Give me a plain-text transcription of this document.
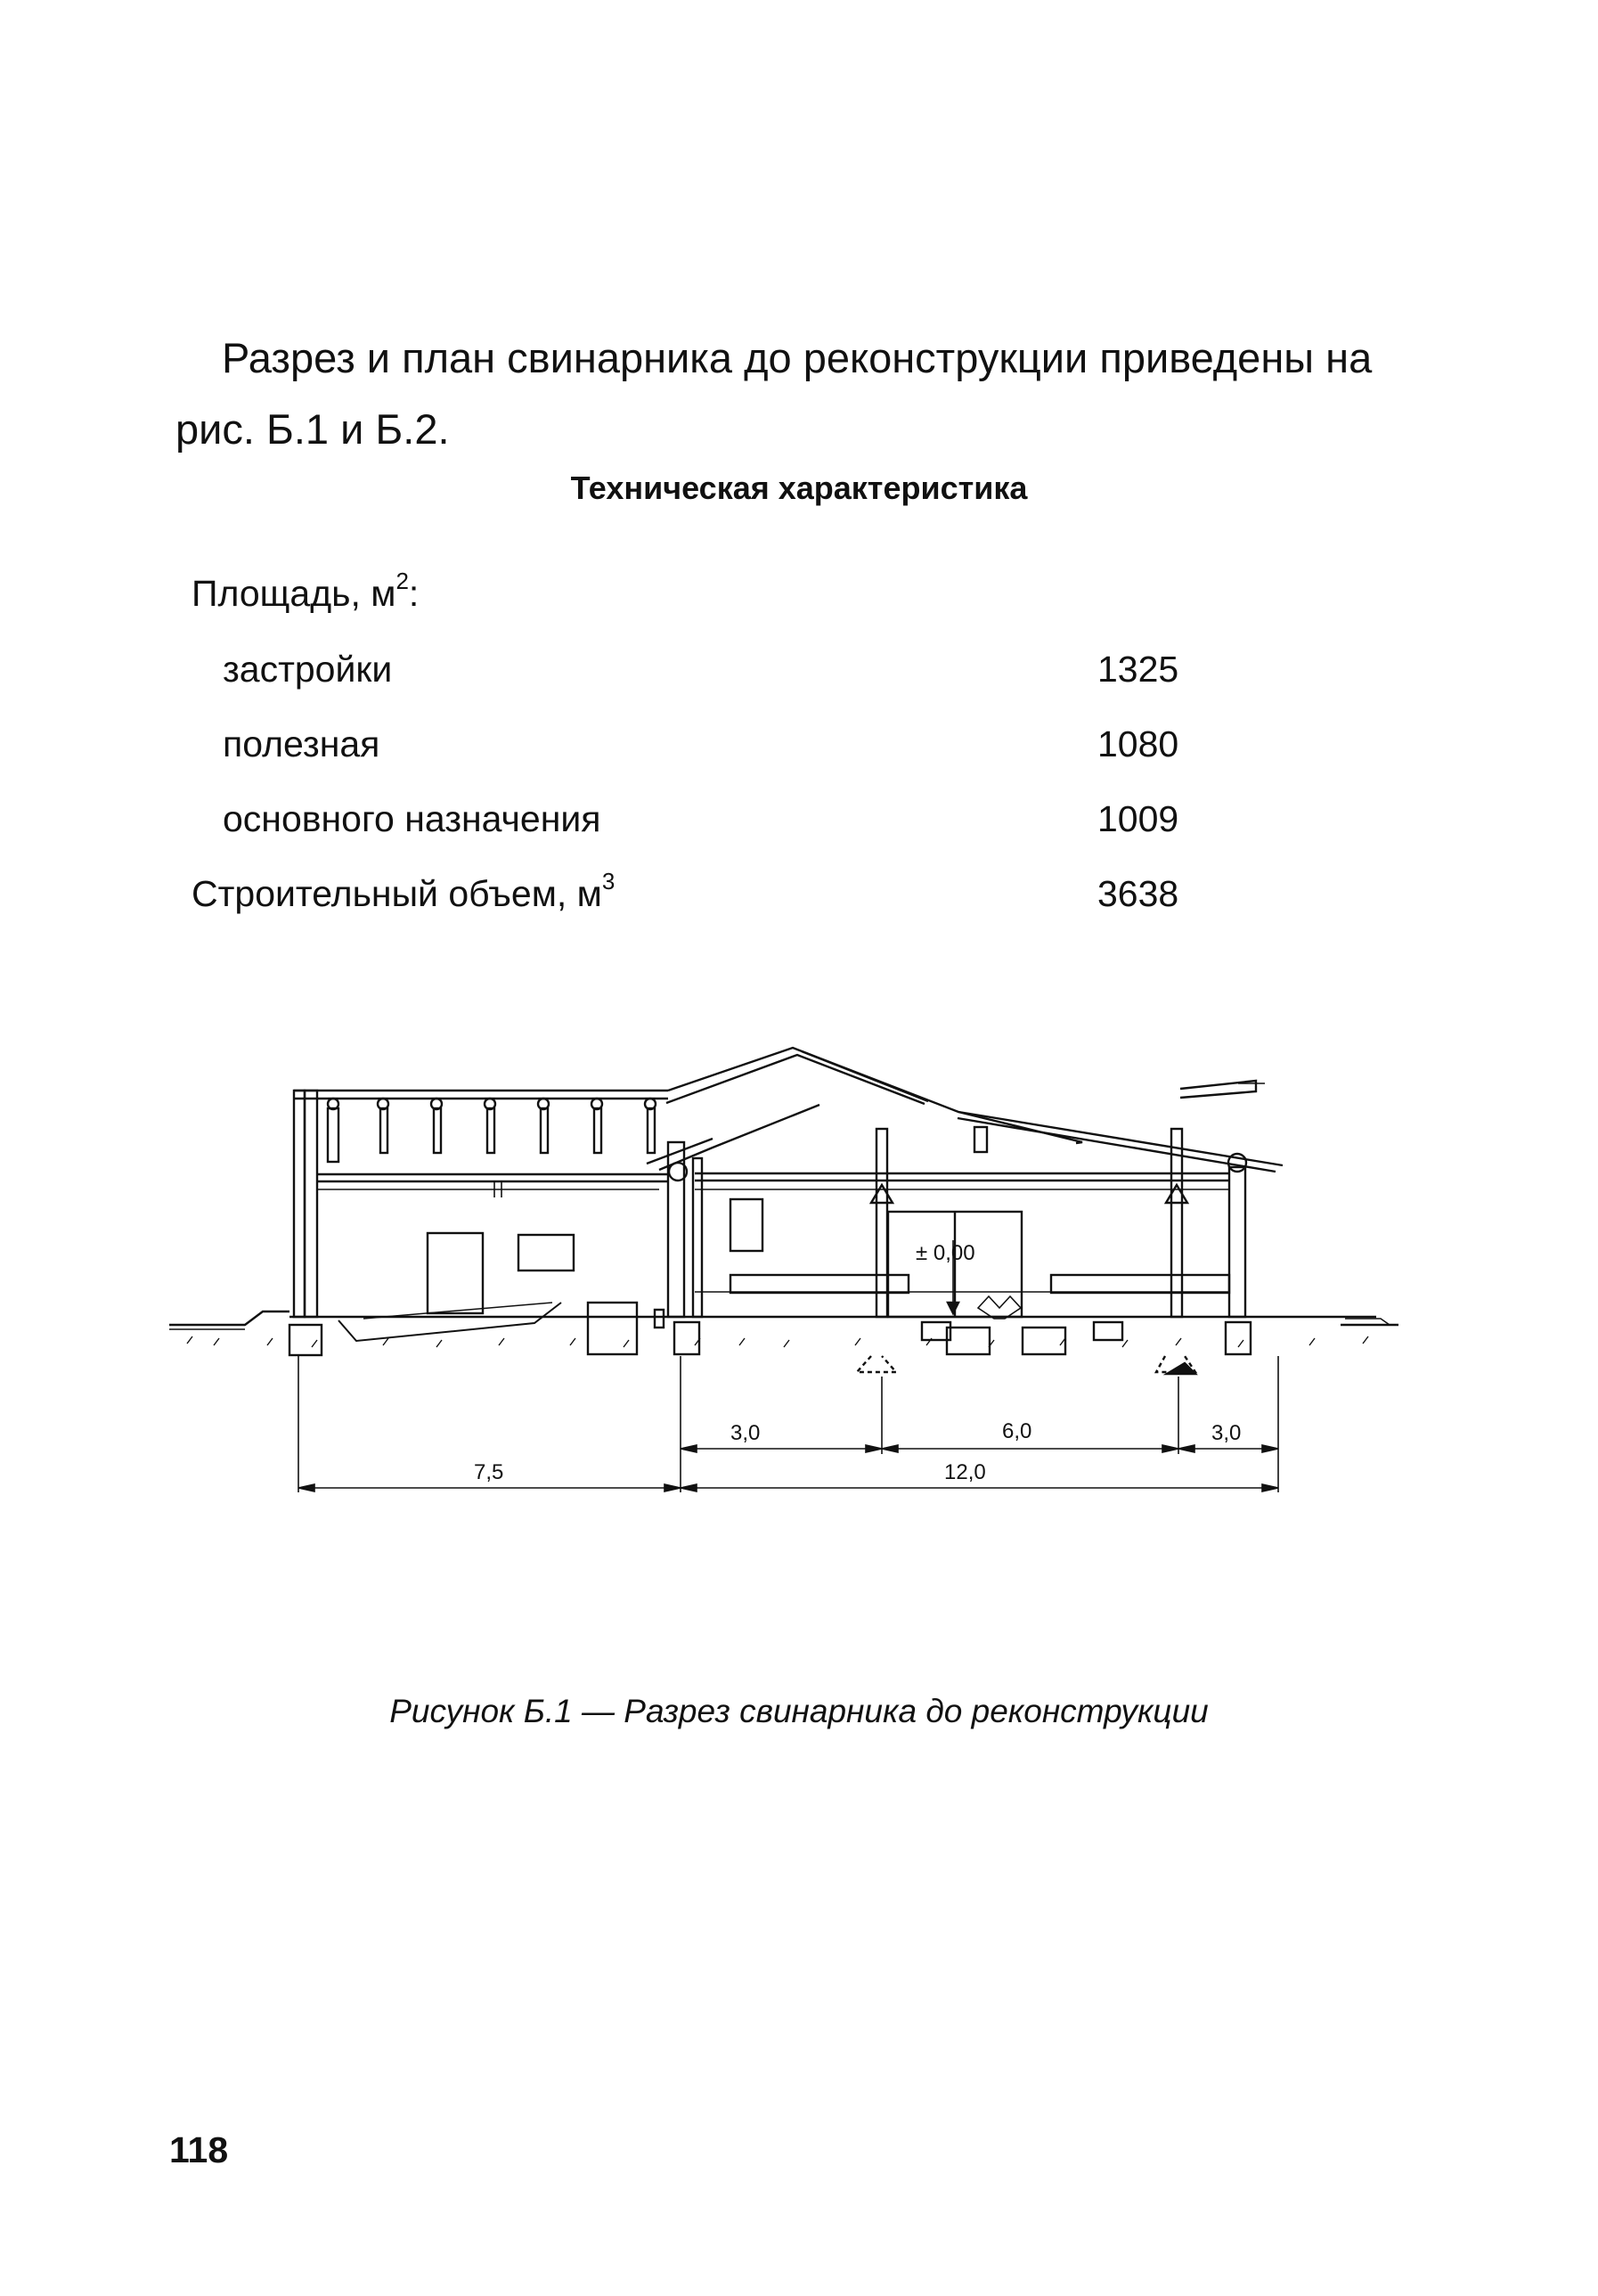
Разрез и план свинарника до реконструкции приведены на
рис. Б.1 и Б.2.

Техническая характеристика

Площадь, $м^2$:
застройки	1325
полезная	1080
основного назначения	1009
Строительный объем, $м^3$	3638
± 0,00
3,0	6,0	3,0
7,5	12,0

Рисунок Б.1 — Разрез свинарника до реконструкции

118
